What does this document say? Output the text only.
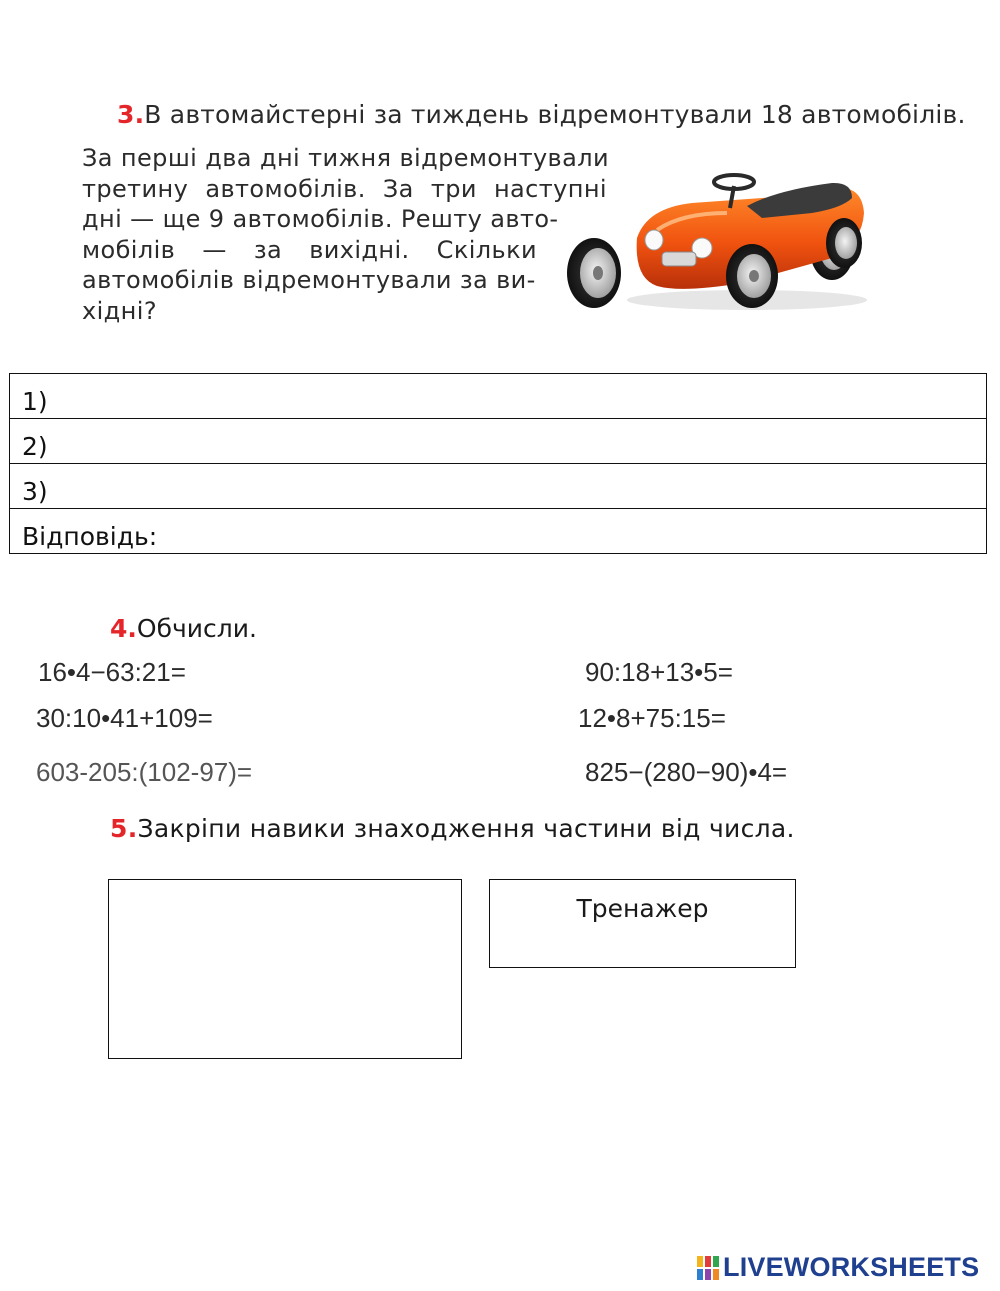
3.В автомайстерні за тиждень відремонтували 18 автомобілів.
За перші два дні тижня відремонтували
третину автомобілів. За три наступні
дні — ще 9 автомобілів. Решту авто-
мобілів — за вихідні. Скільки
автомобілів відремонтували за ви-
хідні?
1)
2)
3)
Відповідь:
4.Обчисли.
16•4−63:21=
30:10•41+109=
603-205:(102-97)=
90:18+13•5=
12•8+75:15=
825−(280−90)•4=
5.Закріпи навики знаходження частини від числа.
Тренажер
LIVEWORKSHEETS
